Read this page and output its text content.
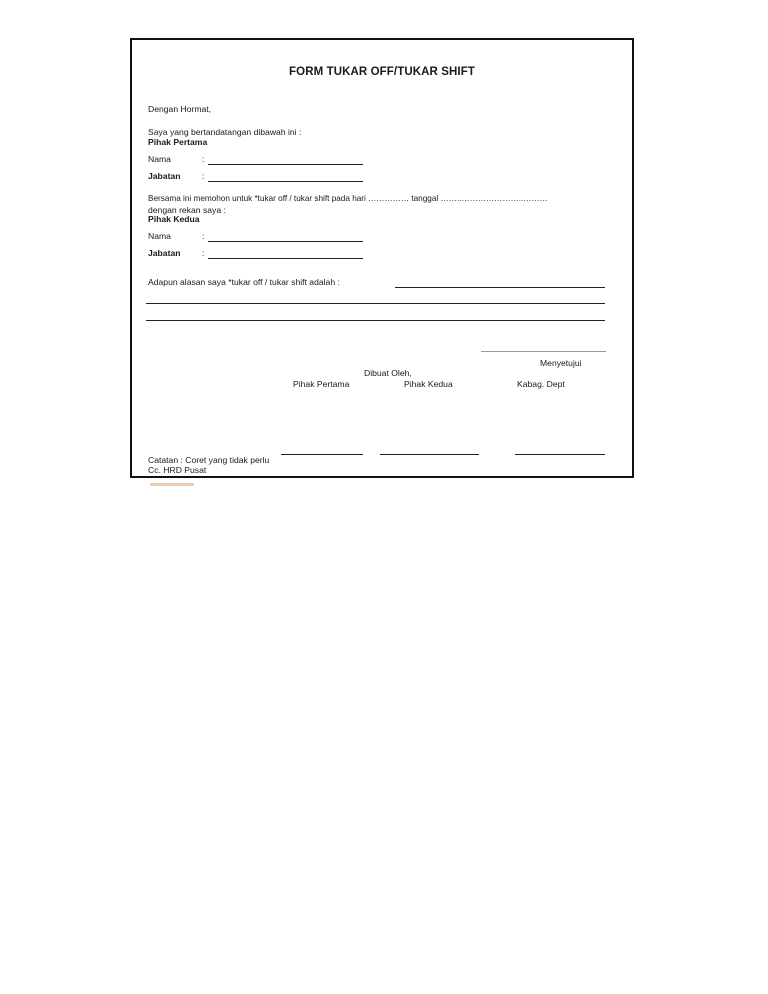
FORM TUKAR OFF/TUKAR SHIFT
Dengan Hormat,
Saya yang bertandatangan dibawah ini :
Pihak Pertama
Nama	:
Jabatan	:
Bersama ini memohon untuk *tukar off / tukar shift pada hari …………… tanggal ……..…………………..………
dengan rekan saya :
Pihak Kedua
Nama	:
Jabatan	:
Adapun alasan saya *tukar off / tukar shift adalah :
Menyetujui
Dibuat Oleh,
Pihak Pertama	Pihak Kedua	Kabag. Dept
Catatan : Coret yang tidak perlu
Cc. HRD Pusat
